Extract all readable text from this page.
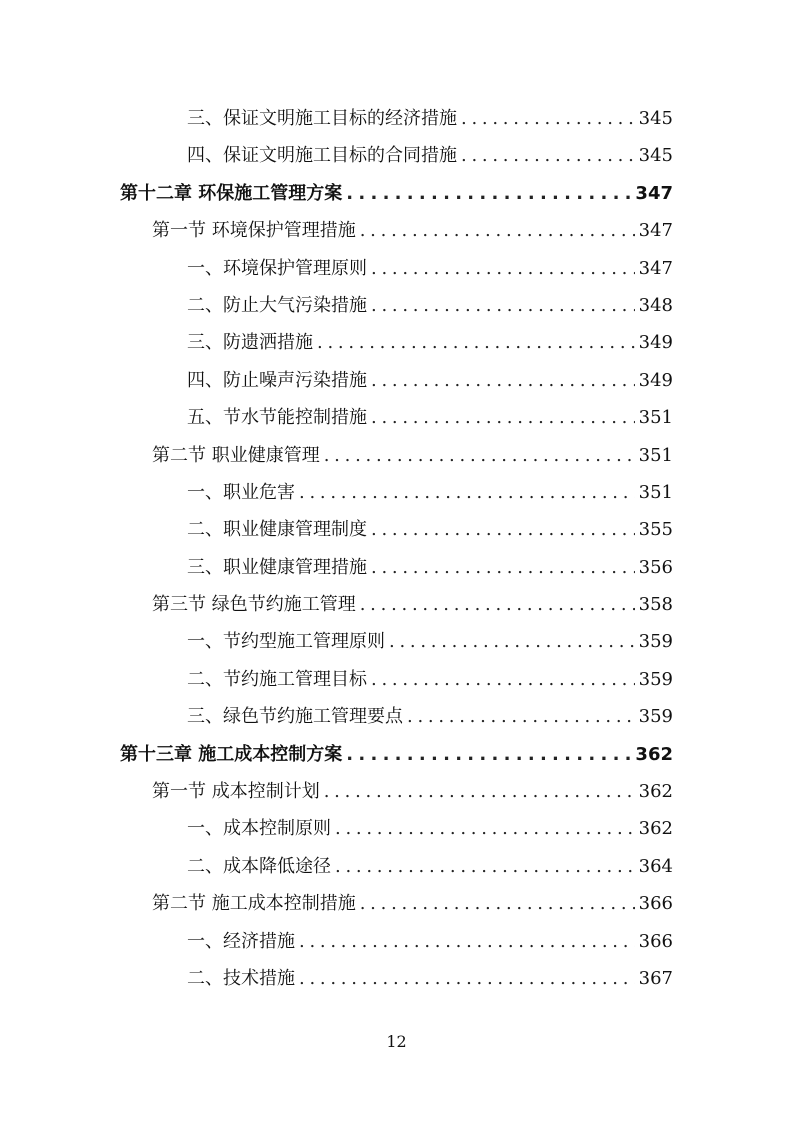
三、保证文明施工目标的经济措施 . . .	345
四、保证文明施工目标的合同措施 . . .	345
第十二章 环保施工管理方案 . . .	347
第一节 环境保护管理措施 . . .	347
一、环境保护管理原则 . . .	347
二、防止大气污染措施 . . .	348
三、防遗洒措施 . . .	349
四、防止噪声污染措施 . . .	349
五、节水节能控制措施 . . .	351
第二节 职业健康管理 . . .	351
一、职业危害 . . .	351
二、职业健康管理制度 . . .	355
三、职业健康管理措施 . . .	356
第三节 绿色节约施工管理 . . .	358
一、节约型施工管理原则 . . .	359
二、节约施工管理目标 . . .	359
三、绿色节约施工管理要点 . . .	359
第十三章 施工成本控制方案 . . .	362
第一节 成本控制计划 . . .	362
一、成本控制原则 . . .	362
二、成本降低途径 . . .	364
第二节 施工成本控制措施 . . .	366
一、经济措施 . . .	366
二、技术措施 . . .	367
12
